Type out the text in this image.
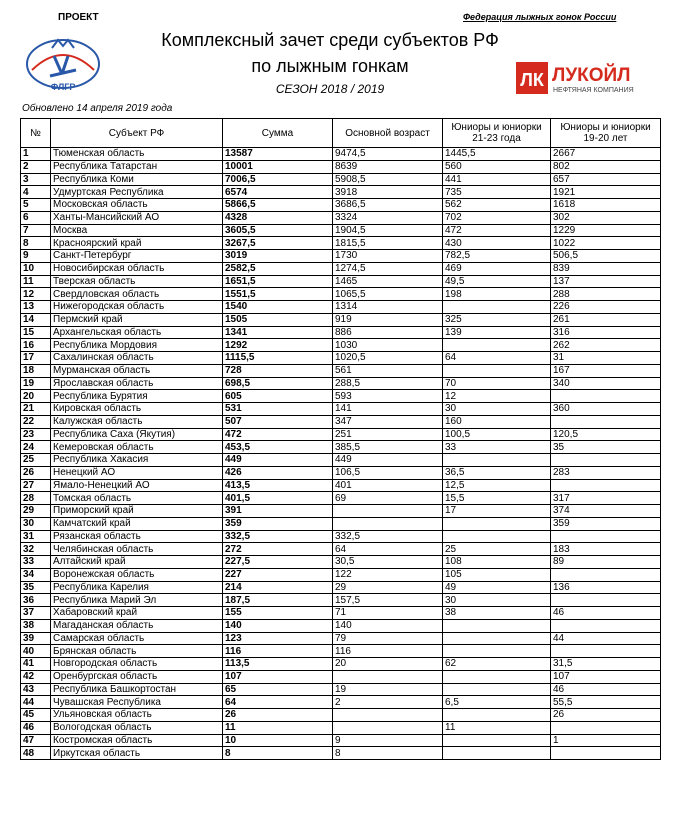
ПРОЕКТ	Федерация лыжных гонок России
ФЛГР
Комплексный зачет среди субъектов РФ
по лыжным гонкам
СЕЗОН 2018 / 2019	ЛК ЛУКОЙЛ
НЕФТЯНАЯ КОМПАНИЯ
Обновлено 14 апреля 2019 года
№	Субъект РФ	Сумма	Основной возраст	Юниоры и юниорки 21-23 года	Юниоры и юниорки 19-20 лет
1	Тюменская область	13587	9474,5	1445,5	2667
2	Республика Татарстан	10001	8639	560	802
3	Республика Коми	7006,5	5908,5	441	657
4	Удмуртская Республика	6574	3918	735	1921
5	Московская область	5866,5	3686,5	562	1618
6	Ханты-Мансийский АО	4328	3324	702	302
7	Москва	3605,5	1904,5	472	1229
8	Красноярский край	3267,5	1815,5	430	1022
9	Санкт-Петербург	3019	1730	782,5	506,5
10	Новосибирская область	2582,5	1274,5	469	839
11	Тверская область	1651,5	1465	49,5	137
12	Свердловская область	1551,5	1065,5	198	288
13	Нижегородская область	1540	1314		226
14	Пермский край	1505	919	325	261
15	Архангельская область	1341	886	139	316
16	Республика Мордовия	1292	1030		262
17	Сахалинская область	1115,5	1020,5	64	31
18	Мурманская область	728	561		167
19	Ярославская область	698,5	288,5	70	340
20	Республика Бурятия	605	593	12	
21	Кировская область	531	141	30	360
22	Калужская область	507	347	160	
23	Республика Саха (Якутия)	472	251	100,5	120,5
24	Кемеровская область	453,5	385,5	33	35
25	Республика Хакасия	449	449		
26	Ненецкий АО	426	106,5	36,5	283
27	Ямало-Ненецкий АО	413,5	401	12,5	
28	Томская область	401,5	69	15,5	317
29	Приморский край	391		17	374
30	Камчатский край	359			359
31	Рязанская область	332,5	332,5		
32	Челябинская область	272	64	25	183
33	Алтайский край	227,5	30,5	108	89
34	Воронежская область	227	122	105	
35	Республика Карелия	214	29	49	136
36	Республика Марий Эл	187,5	157,5	30	
37	Хабаровский край	155	71	38	46
38	Магаданская область	140	140		
39	Самарская область	123	79		44
40	Брянская область	116	116		
41	Новгородская область	113,5	20	62	31,5
42	Оренбургская область	107			107
43	Республика Башкортостан	65	19		46
44	Чувашская Республика	64	2	6,5	55,5
45	Ульяновская область	26			26
46	Вологодская область	11		11	
47	Костромская область	10	9		1
48	Иркутская область	8	8		
